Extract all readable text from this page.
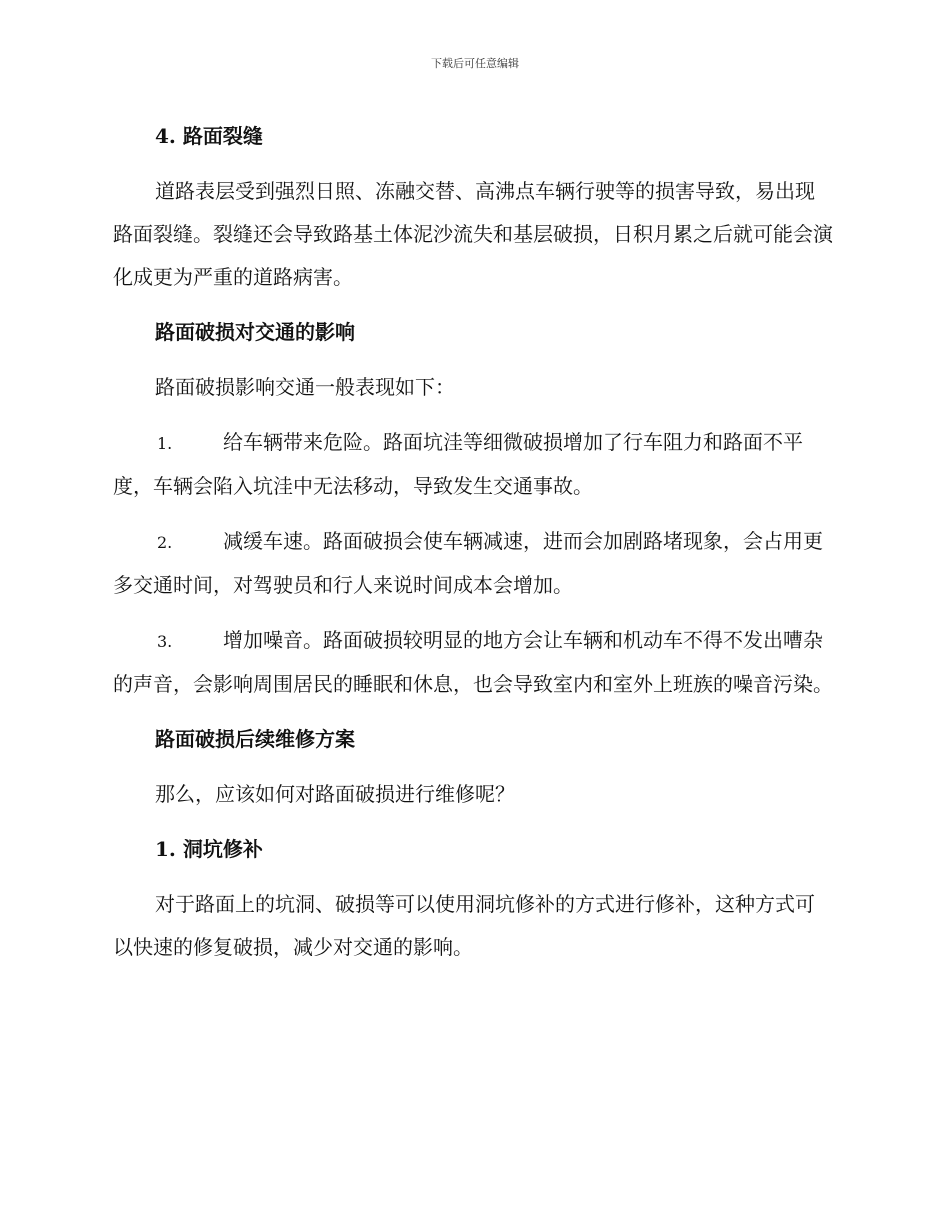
下载后可任意编辑

4. 路面裂缝

道路表层受到强烈日照、冻融交替、高沸点车辆行驶等的损害导致，易出现路面裂缝。裂缝还会导致路基土体泥沙流失和基层破损，日积月累之后就可能会演化成更为严重的道路病害。

路面破损对交通的影响

路面破损影响交通一般表现如下：

1.	给车辆带来危险。路面坑洼等细微破损增加了行车阻力和路面不平度，车辆会陷入坑洼中无法移动，导致发生交通事故。

2.	减缓车速。路面破损会使车辆减速，进而会加剧路堵现象，会占用更多交通时间，对驾驶员和行人来说时间成本会增加。

3.	增加噪音。路面破损较明显的地方会让车辆和机动车不得不发出嘈杂的声音，会影响周围居民的睡眠和休息，也会导致室内和室外上班族的噪音污染。

路面破损后续维修方案

那么，应该如何对路面破损进行维修呢？

1. 洞坑修补

对于路面上的坑洞、破损等可以使用洞坑修补的方式进行修补，这种方式可以快速的修复破损，减少对交通的影响。
